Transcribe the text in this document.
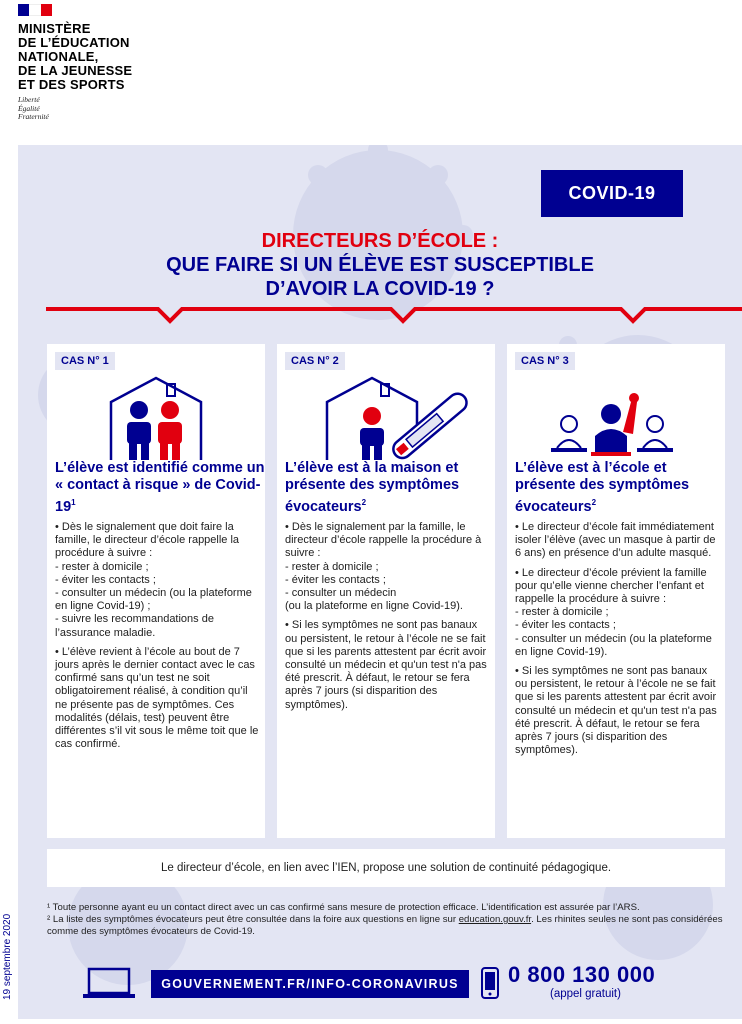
MINISTÈRE
DE L’ÉDUCATION
NATIONALE,
DE LA JEUNESSE
ET DES SPORTS
Liberté
Égalité
Fraternité
COVID-19
DIRECTEURS D’ÉCOLE :
QUE FAIRE SI UN ÉLÈVE EST SUSCEPTIBLE
D’AVOIR LA COVID-19 ?
CAS N° 1
L’élève est identifié comme un « contact à risque » de Covid-$19^1$

• Dès le signalement que doit faire la famille, le directeur d’école rappelle la procédure à suivre :
- rester à domicile ;
- éviter les contacts ;
- consulter un médecin (ou la plateforme en ligne Covid-19) ;
- suivre les recommandations de l’assurance maladie.

• L’élève revient à l’école au bout de 7 jours après le dernier contact avec le cas confirmé sans qu’un test ne soit obligatoirement réalisé, à condition qu’il ne présente pas de symptômes. Ces modalités (délais, test) peuvent être différentes s’il vit sous le même toit que le cas confirmé.

CAS N° 2
L’élève est à la maison et présente des symptômes évocateurs$^2$

• Dès le signalement par la famille, le directeur d’école rappelle la procédure à suivre :
- rester à domicile ;
- éviter les contacts ;
- consulter un médecin
(ou la plateforme en ligne Covid-19).

• Si les symptômes ne sont pas banaux ou persistent, le retour à l’école ne se fait que si les parents attestent par écrit avoir consulté un médecin et qu'un test n'a pas été prescrit. À défaut, le retour se fera après 7 jours (si disparition des symptômes).

CAS N° 3
L’élève est à l’école et présente des symptômes évocateurs$^2$

• Le directeur d’école fait immédiatement isoler l’élève (avec un masque à partir de 6 ans) en présence d’un adulte masqué.

• Le directeur d’école prévient la famille pour qu’elle vienne chercher l’enfant et rappelle la procédure à suivre :
- rester à domicile ;
- éviter les contacts ;
- consulter un médecin (ou la plateforme en ligne Covid-19).

• Si les symptômes ne sont pas banaux ou persistent, le retour à l’école ne se fait que si les parents attestent par écrit avoir consulté un médecin et qu'un test n'a pas été prescrit. À défaut, le retour se fera après 7 jours (si disparition des symptômes).

Le directeur d’école, en lien avec l’IEN, propose une solution de continuité pédagogique.
¹ Toute personne ayant eu un contact direct avec un cas confirmé sans mesure de protection efficace. L’identification est assurée par l’ARS.
² La liste des symptômes évocateurs peut être consultée dans la foire aux questions en ligne sur education.gouv.fr. Les rhinites seules ne sont pas considérées comme des symptômes évocateurs de Covid-19.
GOUVERNEMENT.FR/INFO-CORONAVIRUS	0 800 130 000
(appel gratuit)
19 septembre 2020
